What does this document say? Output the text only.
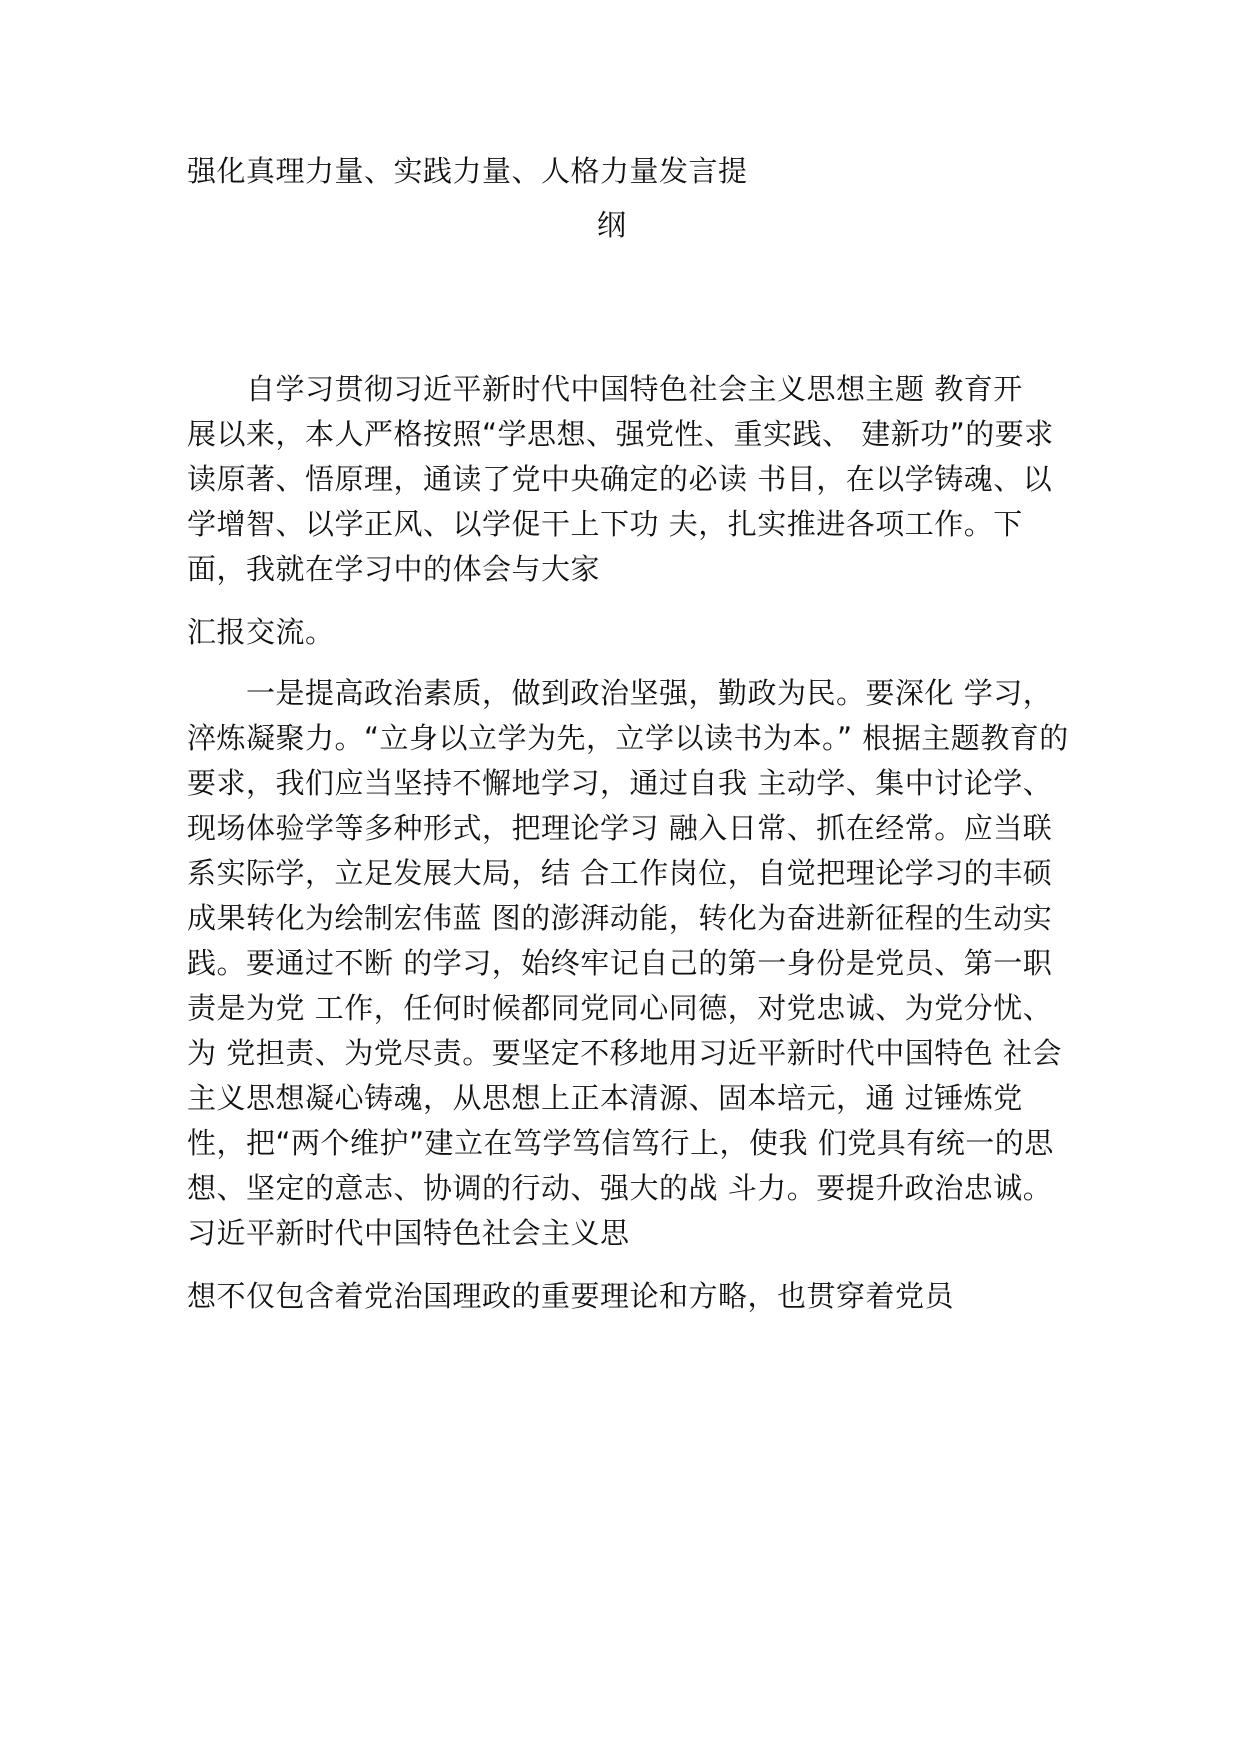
强化真理力量、实践力量、人格力量发言提
纲
　　自学习贯彻习近平新时代中国特色社会主义思想主题 教育开
展以来，本人严格按照“学思想、强党性、重实践、 建新功”的要求
读原著、悟原理，通读了党中央确定的必读 书目，在以学铸魂、以
学增智、以学正风、以学促干上下功 夫，扎实推进各项工作。下
面，我就在学习中的体会与大家
汇报交流。
　　一是提高政治素质，做到政治坚强，勤政为民。要深化 学习，
淬炼凝聚力。“立身以立学为先，立学以读书为本。” 根据主题教育的
要求，我们应当坚持不懈地学习，通过自我 主动学、集中讨论学、
现场体验学等多种形式，把理论学习 融入日常、抓在经常。应当联
系实际学，立足发展大局，结 合工作岗位，自觉把理论学习的丰硕
成果转化为绘制宏伟蓝 图的澎湃动能，转化为奋进新征程的生动实
践。要通过不断 的学习，始终牢记自己的第一身份是党员、第一职
责是为党 工作，任何时候都同党同心同德，对党忠诚、为党分忧、
为 党担责、为党尽责。要坚定不移地用习近平新时代中国特色 社会
主义思想凝心铸魂，从思想上正本清源、固本培元，通 过锤炼党
性，把“两个维护”建立在笃学笃信笃行上，使我 们党具有统一的思
想、坚定的意志、协调的行动、强大的战 斗力。要提升政治忠诚。
习近平新时代中国特色社会主义思
想不仅包含着党治国理政的重要理论和方略，也贯穿着党员
